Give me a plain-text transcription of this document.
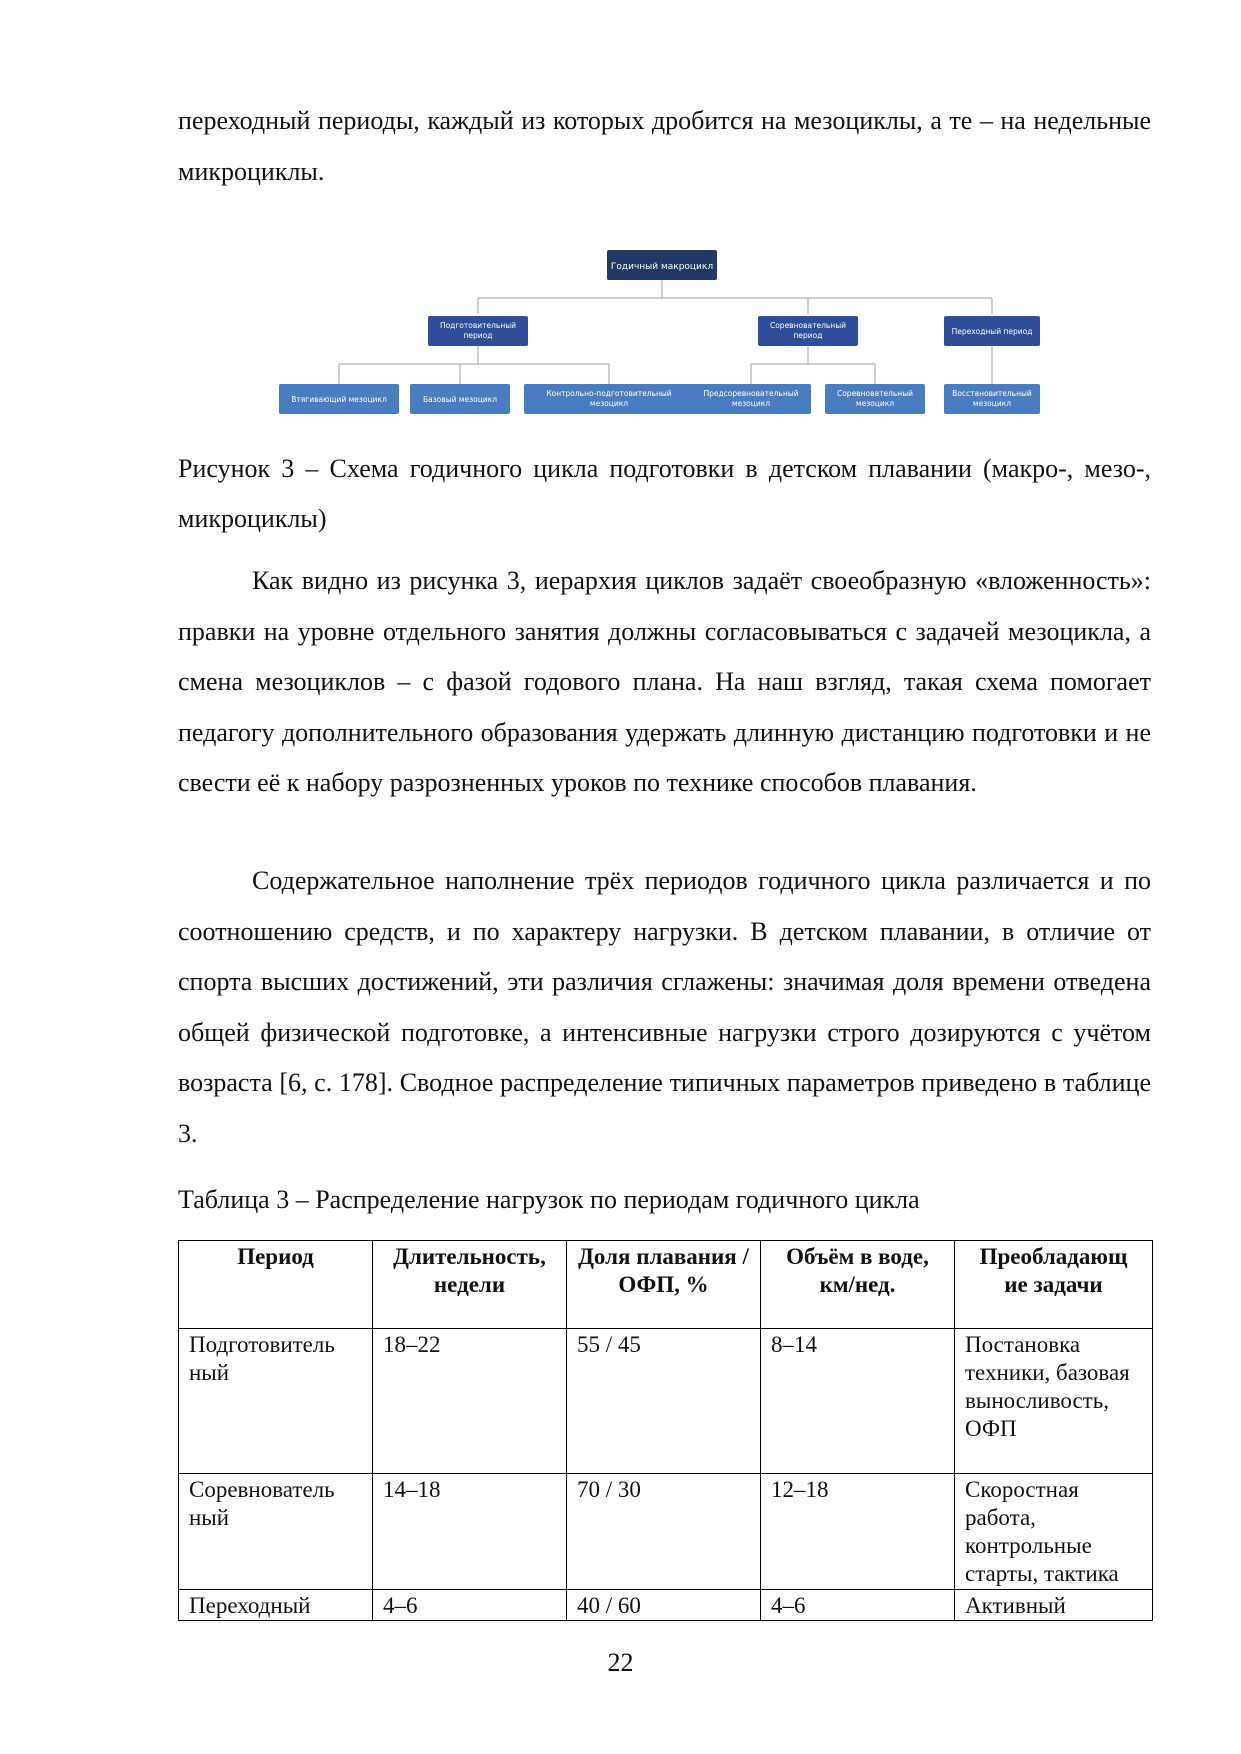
переходный периоды, каждый из которых дробится на мезоциклы, а те – на недельные микроциклы.

Годичный макроцикл
Подготовительный
период
Соревновательный
период	Переходный период
Втягивающий мезоцикл	Базовый мезоцикл
Контрольно-подготовительный
мезоцикл
Предсоревновательный
мезоцикл
Соревновательный
мезоцикл
Восстановительный
мезоцикл

Рисунок 3 – Схема годичного цикла подготовки в детском плавании (макро-, мезо-, микроциклы)

Как видно из рисунка 3, иерархия циклов задаёт своеобразную «вложенность»: правки на уровне отдельного занятия должны согласовываться с задачей мезоцикла, а смена мезоциклов – с фазой годового плана. На наш взгляд, такая схема помогает педагогу дополнительного образования удержать длинную дистанцию подготовки и не свести её к набору разрозненных уроков по технике способов плавания.

Содержательное наполнение трёх периодов годичного цикла различается и по соотношению средств, и по характеру нагрузки. В детском плавании, в отличие от спорта высших достижений, эти различия сглажены: значимая доля времени отведена общей физической подготовке, а интенсивные нагрузки строго дозируются с учётом возраста [6, с. 178]. Сводное распределение типичных параметров приведено в таблице 3.

Таблица 3 – Распределение нагрузок по периодам годичного цикла

Период	Длительность, недели	Доля плавания / ОФП, %	Объём в воде, км/нед.	Преобладающ ие задачи
Подготовитель ный	18–22	55 / 45	8–14	Постановка техники, базовая выносливость, ОФП
Соревнователь ный	14–18	70 / 30	12–18	Скоростная работа, контрольные старты, тактика
Переходный	4–6	40 / 60	4–6	Активный
22
